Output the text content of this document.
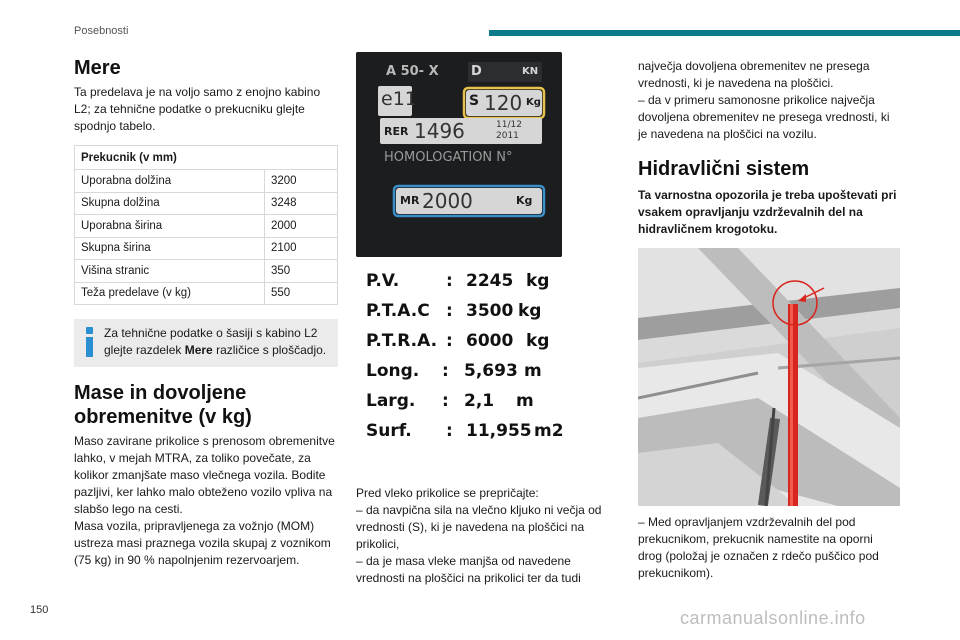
Posebnosti
Mere

Ta predelava je na voljo samo z enojno kabino L2; za tehnične podatke o prekucniku glejte spodnjo tabelo.

Prekucnik (v mm)	
Uporabna dolžina	3200
Skupna dolžina	3248
Uporabna širina	2000
Skupna širina	2100
Višina stranic	350
Teža predelave (v kg)	550
Za tehnične podatke o šasiji s kabino L2 glejte razdelek Mere različice s ploščadjo.
Mase in dovoljene obremenitve (v kg)

Maso zavirane prikolice s prenosom obremenitve lahko, v mejah MTRA, za toliko povečate, za kolikor zmanjšate maso vlečnega vozila. Bodite pazljivi, ker lahko malo obteženo vozilo vpliva na slabšo lego na cesti.

Masa vozila, pripravljenega za vožnjo (MOM) ustreza masi praznega vozila skupaj z voznikom (75 kg) in 90 % napolnjenim rezervoarjem.

A 50- X D	KN
e11	S 120 Kg
RER 1496	11/12
2011
HOMOLOGATION N°
MR 2000	Kg
P.V.	: 2245 kg
P.T.A.C : 3500 kg
P.T.R.A. : 6000 kg
Long. : 5,693 m
Larg. : 2,1 m
Surf. : 11,955 m2

Pred vleko prikolice se prepričajte:

– da navpična sila na vlečno kljuko ni večja od vrednosti (S), ki je navedena na ploščici na prikolici,

– da je masa vleke manjša od navedene vrednosti na ploščici na prikolici ter da tudi

največja dovoljena obremenitev ne presega vrednosti, ki je navedena na ploščici.

– da v primeru samonosne prikolice največja dovoljena obremenitev ne presega vrednosti, ki je navedena na ploščici na vozilu.

Hidravlični sistem

Ta varnostna opozorila je treba upoštevati pri vsakem opravljanju vzdrževalnih del na hidravličnem krogotoku.

– Med opravljanjem vzdrževalnih del pod prekucnikom, prekucnik namestite na oporni drog (položaj je označen z rdečo puščico pod prekucnikom).

150	carmanualsonline.info
